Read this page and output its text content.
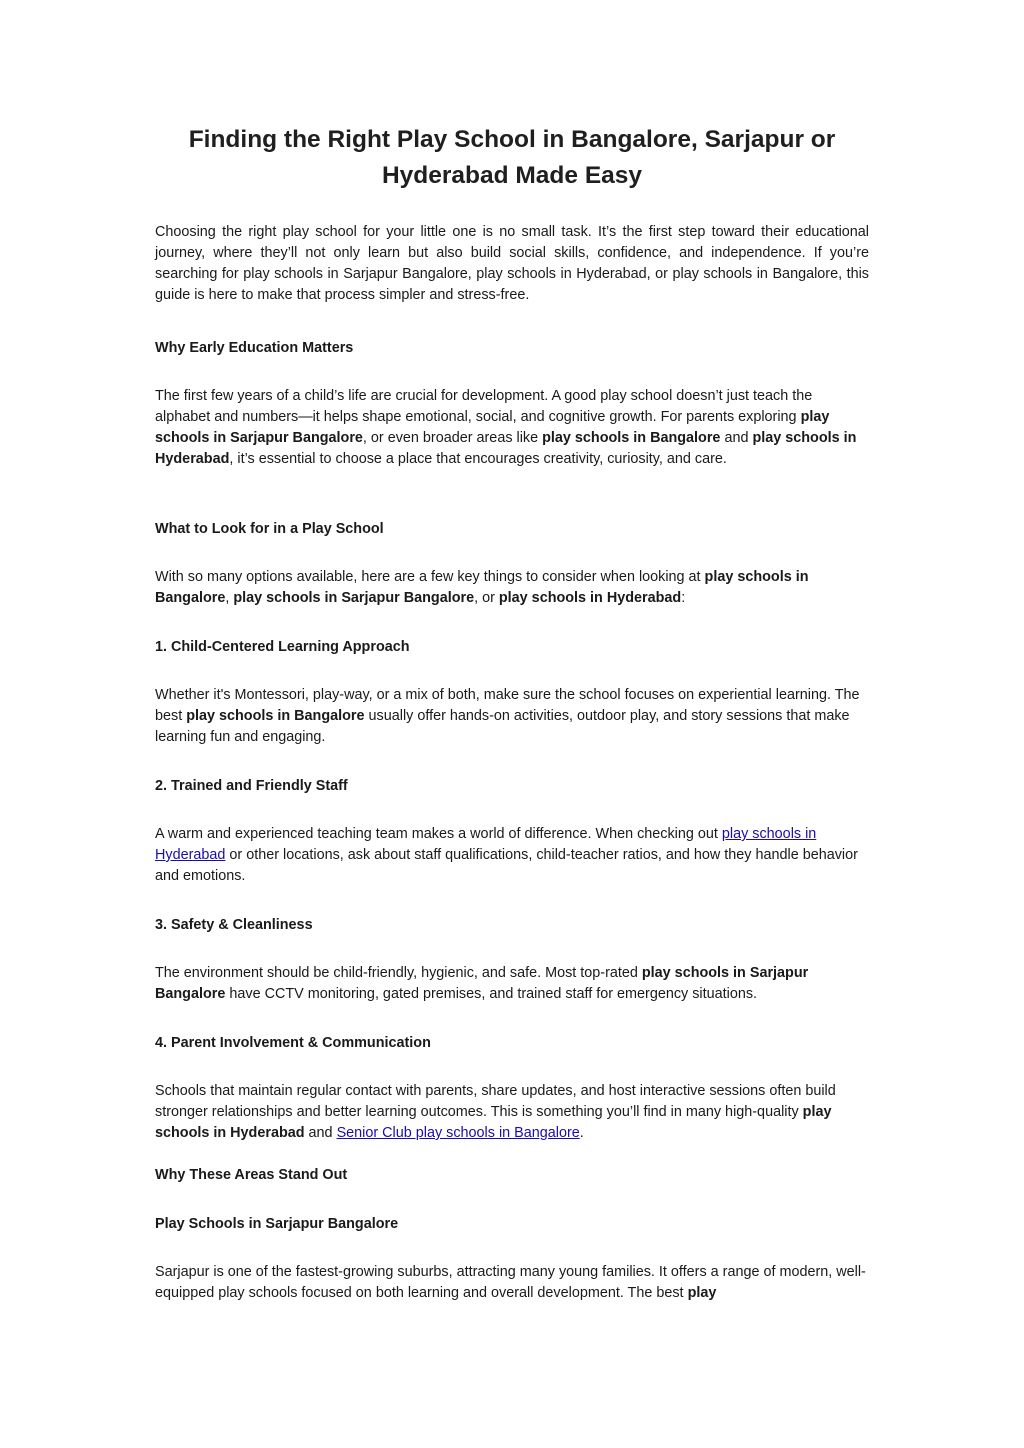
Finding the Right Play School in Bangalore, Sarjapur or
Hyderabad Made Easy

Choosing the right play school for your little one is no small task. It’s the first step toward their educational journey, where they’ll not only learn but also build social skills, confidence, and independence. If you’re searching for play schools in Sarjapur Bangalore, play schools in Hyderabad, or play schools in Bangalore, this guide is here to make that process simpler and stress-free.

Why Early Education Matters

The first few years of a child’s life are crucial for development. A good play school doesn’t just teach the alphabet and numbers—it helps shape emotional, social, and cognitive growth. For parents exploring play schools in Sarjapur Bangalore, or even broader areas like play schools in Bangalore and play schools in Hyderabad, it’s essential to choose a place that encourages creativity, curiosity, and care.

What to Look for in a Play School

With so many options available, here are a few key things to consider when looking at play schools in Bangalore, play schools in Sarjapur Bangalore, or play schools in Hyderabad:

1. Child-Centered Learning Approach

Whether it's Montessori, play-way, or a mix of both, make sure the school focuses on experiential learning. The best play schools in Bangalore usually offer hands-on activities, outdoor play, and story sessions that make learning fun and engaging.

2. Trained and Friendly Staff

A warm and experienced teaching team makes a world of difference. When checking out play schools in Hyderabad or other locations, ask about staff qualifications, child-teacher ratios, and how they handle behavior and emotions.

3. Safety & Cleanliness

The environment should be child-friendly, hygienic, and safe. Most top-rated play schools in Sarjapur Bangalore have CCTV monitoring, gated premises, and trained staff for emergency situations.

4. Parent Involvement & Communication

Schools that maintain regular contact with parents, share updates, and host interactive sessions often build stronger relationships and better learning outcomes. This is something you’ll find in many high-quality play schools in Hyderabad and Senior Club play schools in Bangalore.

Why These Areas Stand Out

Play Schools in Sarjapur Bangalore

Sarjapur is one of the fastest-growing suburbs, attracting many young families. It offers a range of modern, well-equipped play schools focused on both learning and overall development. The best play
